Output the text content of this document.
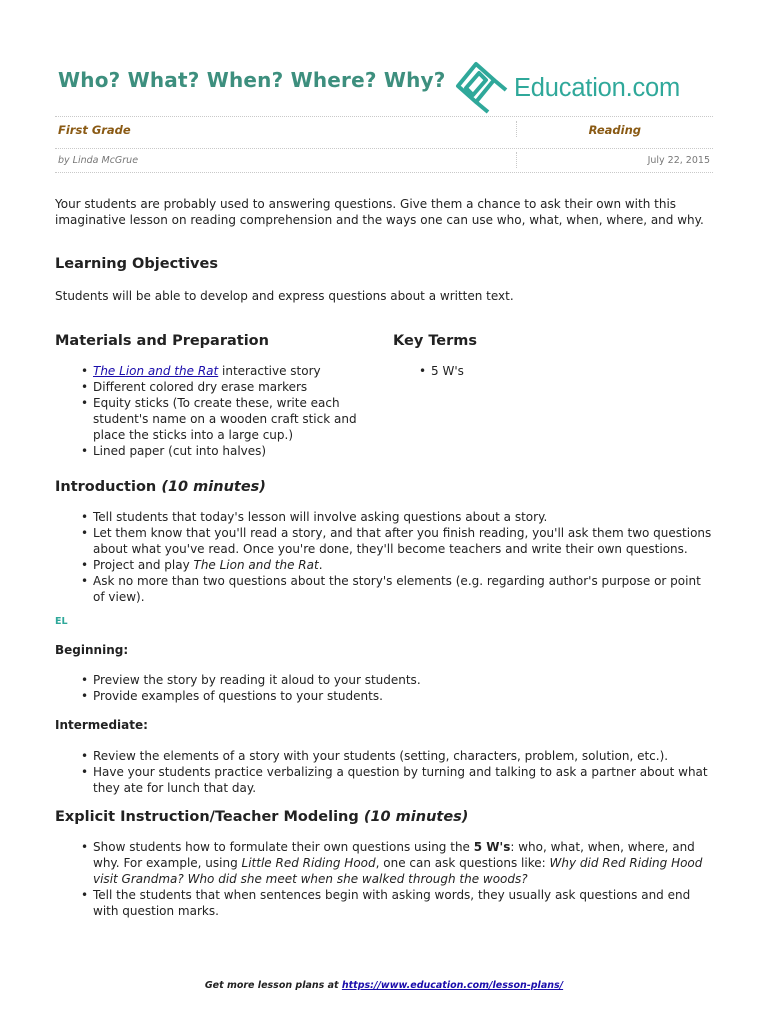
Who? What? When? Where? Why?	Education.com
First Grade	Reading
by Linda McGrue	July 22, 2015
Your students are probably used to answering questions. Give them a chance to ask their own with this imaginative lesson on reading comprehension and the ways one can use who, what, when, where, and why.
Learning Objectives
Students will be able to develop and express questions about a written text.
Materials and Preparation
• The Lion and the Rat interactive story
• Different colored dry erase markers
• Equity sticks (To create these, write each student's name on a wooden craft stick and place the sticks into a large cup.)
• Lined paper (cut into halves)
Key Terms
• 5 W's
Introduction (10 minutes)
• Tell students that today's lesson will involve asking questions about a story.
• Let them know that you'll read a story, and that after you finish reading, you'll ask them two questions about what you've read. Once you're done, they'll become teachers and write their own questions.
• Project and play The Lion and the Rat.
• Ask no more than two questions about the story's elements (e.g. regarding author's purpose or point of view).
EL
Beginning:
• Preview the story by reading it aloud to your students.
• Provide examples of questions to your students.
Intermediate:
• Review the elements of a story with your students (setting, characters, problem, solution, etc.).
• Have your students practice verbalizing a question by turning and talking to ask a partner about what they ate for lunch that day.
Explicit Instruction/Teacher Modeling (10 minutes)
• Show students how to formulate their own questions using the 5 W's: who, what, when, where, and why. For example, using Little Red Riding Hood, one can ask questions like: Why did Red Riding Hood visit Grandma? Who did she meet when she walked through the woods?
• Tell the students that when sentences begin with asking words, they usually ask questions and end with question marks.
Get more lesson plans at https://www.education.com/lesson-plans/
